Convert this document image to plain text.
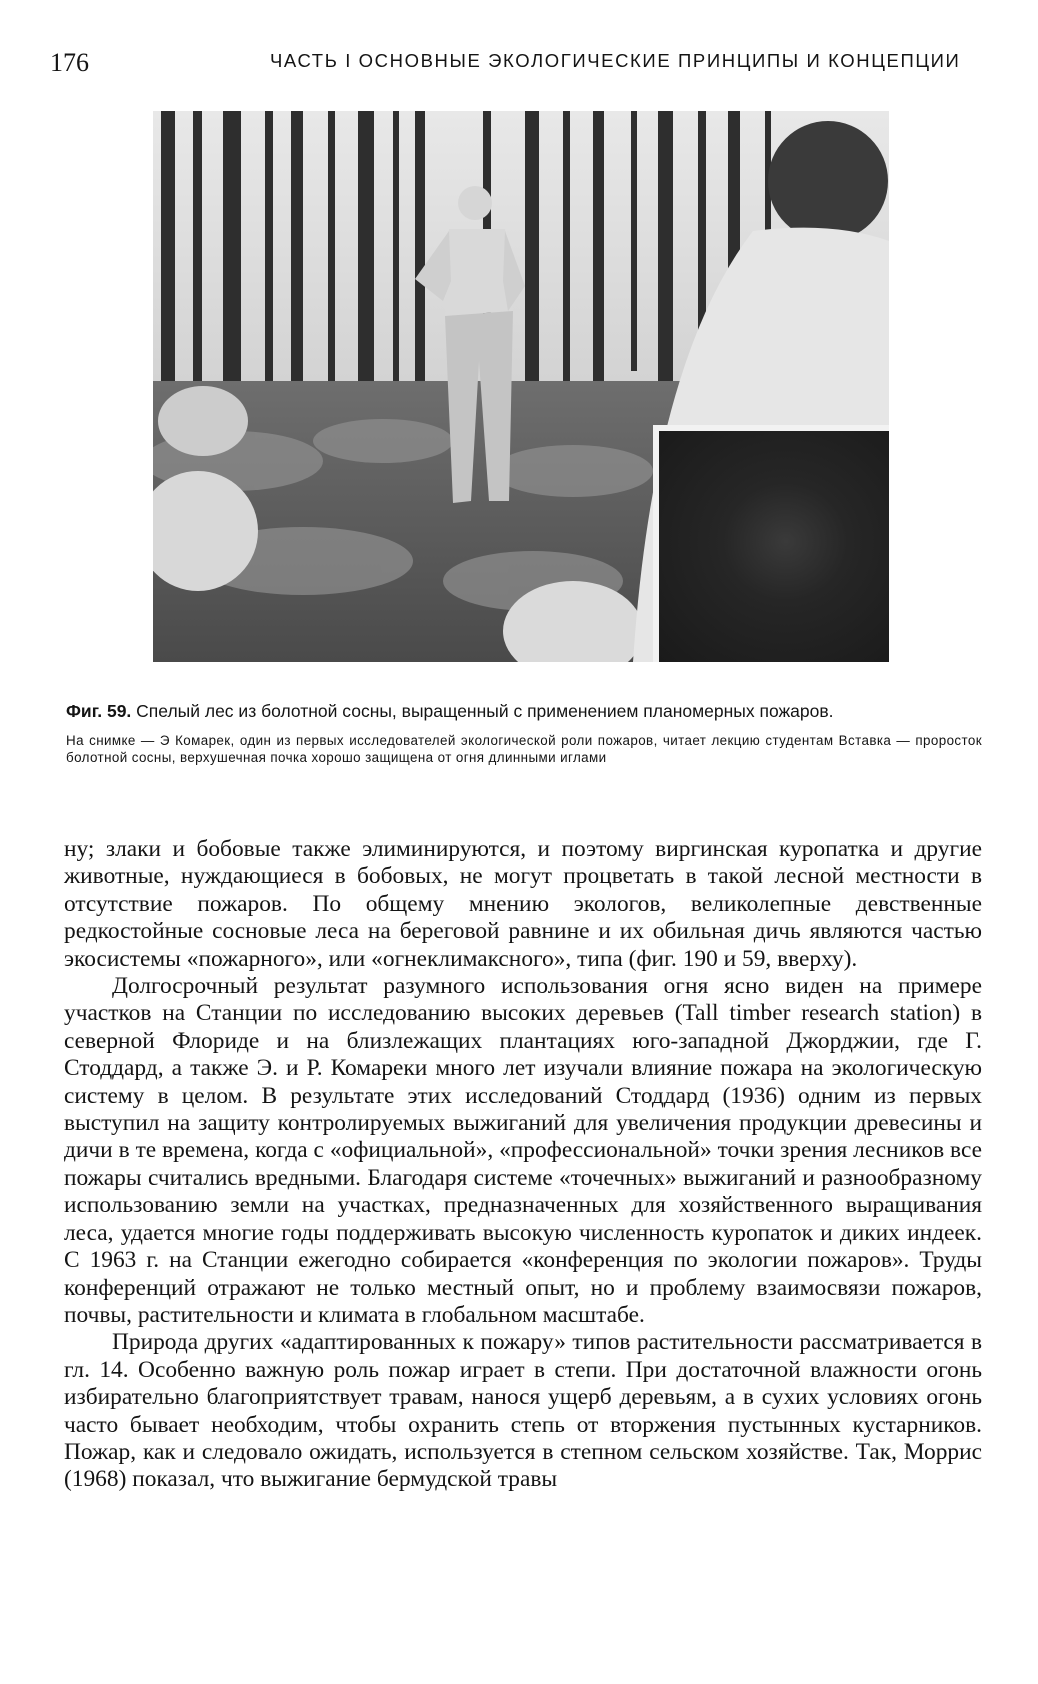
176	ЧАСТЬ I ОСНОВНЫЕ ЭКОЛОГИЧЕСКИЕ ПРИНЦИПЫ И КОНЦЕПЦИИ
Фиг. 59. Спелый лес из болотной сосны, выращенный с применением планомерных пожаров.
На снимке — Э Комарек, один из первых исследователей экологической роли пожаров, читает лекцию студентам Вставка — проросток болотной сосны, верхушечная почка хорошо защищена от огня длинными иглами

ну; злаки и бобовые также элиминируются, и поэтому виргинская куропатка и другие животные, нуждающиеся в бобовых, не могут процветать в такой лесной местности в отсутствие пожаров. По общему мнению экологов, великолепные девственные редкостойные сосновые леса на береговой равнине и их обильная дичь являются частью экосистемы «пожарного», или «огнеклимаксного», типа (фиг. 190 и 59, вверху).

Долгосрочный результат разумного использования огня ясно виден на примере участков на Станции по исследованию высоких деревьев (Tall timber research station) в северной Флориде и на близлежащих плантациях юго-западной Джорджии, где Г. Стоддард, а также Э. и Р. Комареки много лет изучали влияние пожара на экологическую систему в целом. В результате этих исследований Стоддард (1936) одним из первых выступил на защиту контролируемых выжиганий для увеличения продукции древесины и дичи в те времена, когда с «официальной», «профессиональной» точки зрения лесников все пожары считались вредными. Благодаря системе «точечных» выжиганий и разнообразному использованию земли на участках, предназначенных для хозяйственного выращивания леса, удается многие годы поддерживать высокую численность куропаток и диких индеек. С 1963 г. на Станции ежегодно собирается «конференция по экологии пожаров». Труды конференций отражают не только местный опыт, но и проблему взаимосвязи пожаров, почвы, растительности и климата в глобальном масштабе.

Природа других «адаптированных к пожару» типов растительности рассматривается в гл. 14. Особенно важную роль пожар играет в степи. При достаточной влажности огонь избирательно благоприятствует травам, нанося ущерб деревьям, а в сухих условиях огонь часто бывает необходим, чтобы охранить степь от вторжения пустынных кустарников. Пожар, как и следовало ожидать, используется в степном сельском хозяйстве. Так, Моррис (1968) показал, что выжигание бермудской травы
